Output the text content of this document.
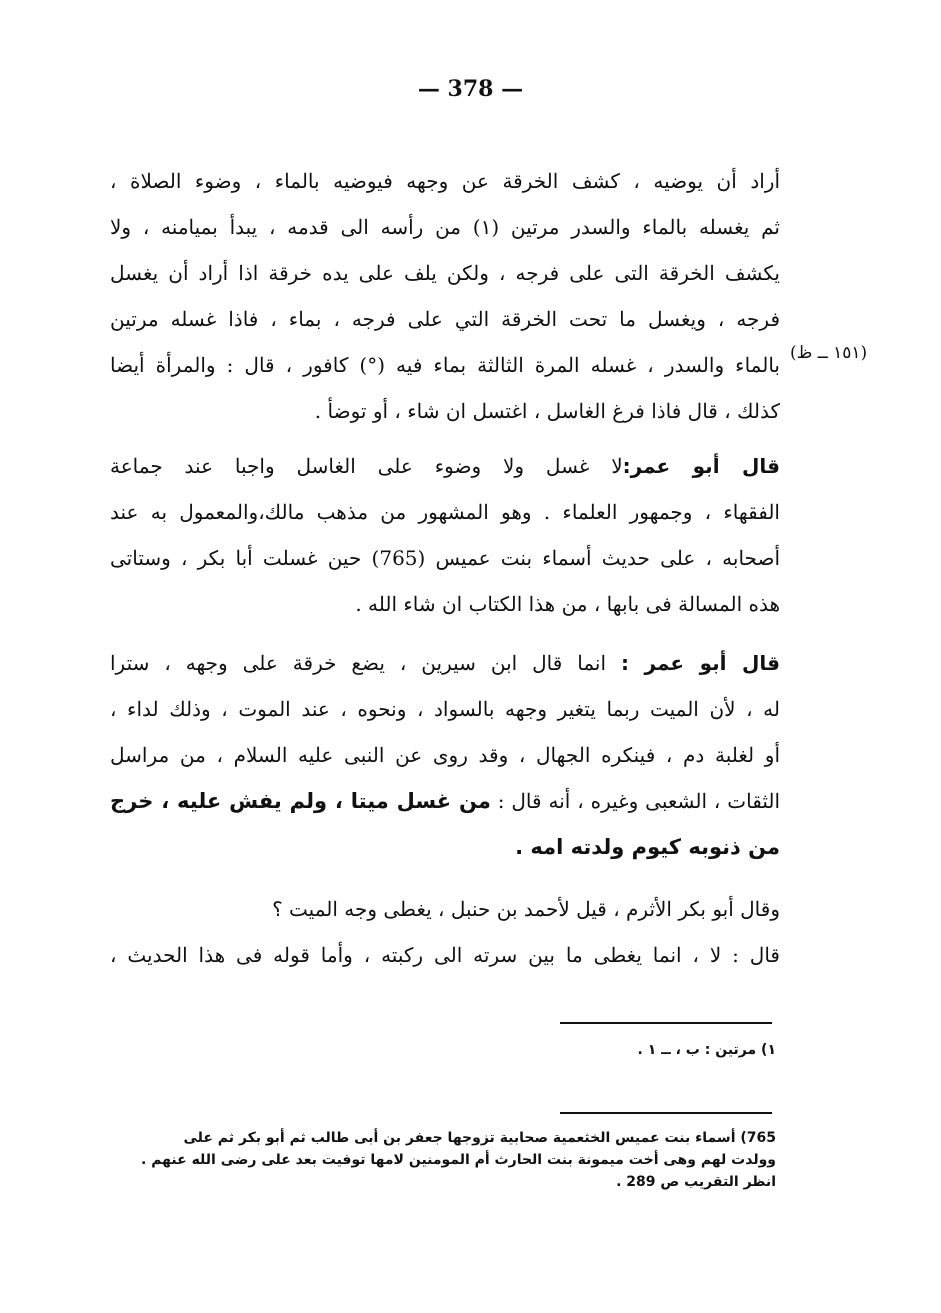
— 378 —
(١٥١ ــ ظ)
أراد أن يوضيه ، كشف الخرقة عن وجهه فيوضيه بالماء ، وضوء الصلاة ،
ثم يغسله بالماء والسدر مرتين (١) من رأسه الى قدمه ، يبدأ بميامنه ، ولا
يكشف الخرقة التى على فرجه ، ولكن يلف على يده خرقة اذا أراد أن يغسل
فرجه ، ويغسل ما تحت الخرقة التي على فرجه ، بماء ، فاذا غسله مرتين
بالماء والسدر ، غسله المرة الثالثة بماء فيه (°) كافور ، قال : والمرأة أيضا
كذلك ، قال فاذا فرغ الغاسل ، اغتسل ان شاء ، أو توضأ .
قال أبو عمر:لا غسل ولا وضوء على الغاسل واجبا عند جماعة
الفقهاء ، وجمهور العلماء . وهو المشهور من مذهب مالك،والمعمول به عند
أصحابه ، على حديث أسماء بنت عميس (765) حين غسلت أبا بكر ، وستاتى
هذه المسالة فى بابها ، من هذا الكتاب ان شاء الله .
قال أبو عمر : انما قال ابن سيرين ، يضع خرقة على وجهه ، سترا
له ، لأن الميت ربما يتغير وجهه بالسواد ، ونحوه ، عند الموت ، وذلك لداء ،
أو لغلبة دم ، فينكره الجهال ، وقد روى عن النبى عليه السلام ، من مراسل
الثقات ، الشعبى وغيره ، أنه قال : من غسل ميتا ، ولم يفش عليه ، خرج
من ذنوبه كيوم ولدته امه .
وقال أبو بكر الأثرم ، قيل لأحمد بن حنبل ، يغطى وجه الميت ؟
قال : لا ، انما يغطى ما بين سرته الى ركبته ، وأما قوله فى هذا الحديث ،
١) مرتين : ب ، ــ ١ .
765) أسماء بنت عميس الخثعمية صحابية تزوجها جعفر بن أبى طالب ثم أبو بكر ثم على
وولدت لهم وهى أخت ميمونة بنت الحارث أم المومنين لامها توفيت بعد على رضى الله عنهم .
انظر التقريب ص 289 .
